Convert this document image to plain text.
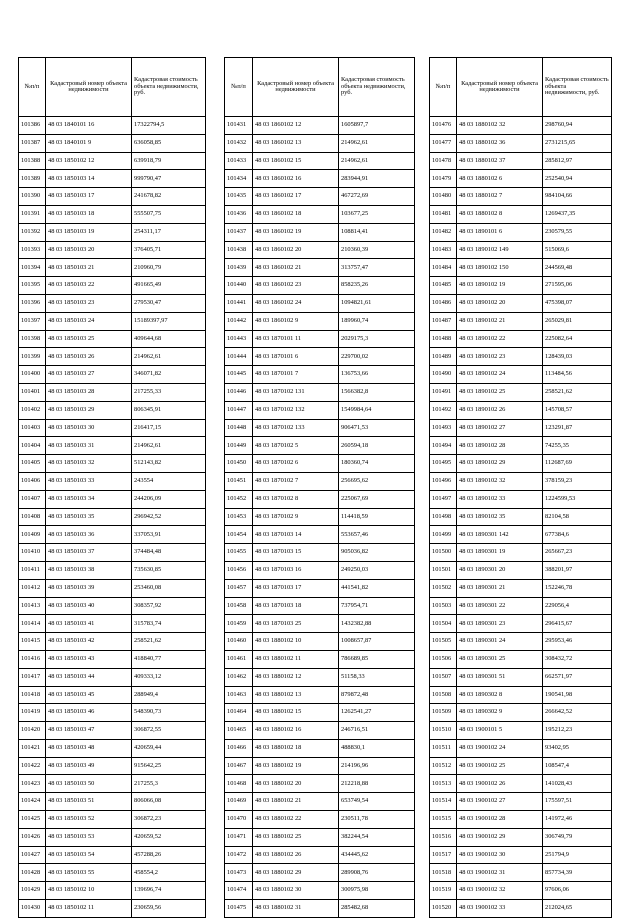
№п/п	Кадастровый номер объекта недвижимости	Кадастровая стоимость объекта недвижимости, руб.
101386	48 03 1840101 16	17322794,5
101387	48 03 1840101 9	636058,85
101388	48 03 1850102 12	639918,79
101389	48 03 1850103 14	999790,47
101390	48 03 1850103 17	241678,82
101391	48 03 1850103 18	555507,75
101392	48 03 1850103 19	254311,17
101393	48 03 1850103 20	376405,71
101394	48 03 1850103 21	210960,79
101395	48 03 1850103 22	491665,49
101396	48 03 1850103 23	279530,47
101397	48 03 1850103 24	15189397,97
101398	48 03 1850103 25	409644,68
101399	48 03 1850103 26	214962,61
101400	48 03 1850103 27	346071,82
101401	48 03 1850103 28	217255,33
101402	48 03 1850103 29	806345,91
101403	48 03 1850103 30	216417,15
101404	48 03 1850103 31	214962,61
101405	48 03 1850103 32	512143,82
101406	48 03 1850103 33	243554
101407	48 03 1850103 34	244206,09
101408	48 03 1850103 35	296942,52
101409	48 03 1850103 36	337053,91
101410	48 03 1850103 37	374484,48
101411	48 03 1850103 38	735630,85
101412	48 03 1850103 39	253460,08
101413	48 03 1850103 40	308357,92
101414	48 03 1850103 41	315783,74
101415	48 03 1850103 42	258521,62
101416	48 03 1850103 43	418840,77
101417	48 03 1850103 44	409333,12
101418	48 03 1850103 45	288949,4
101419	48 03 1850103 46	548390,73
101420	48 03 1850103 47	306872,55
101421	48 03 1850103 48	420659,44
101422	48 03 1850103 49	915642,25
101423	48 03 1850103 50	217255,3
101424	48 03 1850103 51	806066,08
101425	48 03 1850103 52	306872,23
101426	48 03 1850103 53	420659,52
101427	48 03 1850103 54	457288,26
101428	48 03 1850103 55	458554,2
101429	48 03 1850102 10	139696,74
101430	48 03 1850102 11	230659,56
№п/п	Кадастровый номер объекта недвижимости	Кадастровая стоимость объекта недвижимости, руб.
101431	48 03 1860102 12	1605897,7
101432	48 03 1860102 13	214962,61
101433	48 03 1860102 15	214962,61
101434	48 03 1860102 16	283944,91
101435	48 03 1860102 17	467272,69
101436	48 03 1860102 18	103677,25
101437	48 03 1860102 19	108814,41
101438	48 03 1860102 20	210360,39
101439	48 03 1860102 21	313757,47
101440	48 03 1860102 23	858235,26
101441	48 03 1860102 24	1094821,61
101442	48 03 1860102 9	189960,74
101443	48 03 1870101 11	2029175,3
101444	48 03 1870101 6	229700,02
101445	48 03 1870101 7	136753,66
101446	48 03 1870102 131	1566382,8
101447	48 03 1870102 132	1549984,64
101448	48 03 1870102 133	906471,53
101449	48 03 1870102 5	260594,18
101450	48 03 1870102 6	180360,74
101451	48 03 1870102 7	256695,62
101452	48 03 1870102 8	225067,69
101453	48 03 1870102 9	114418,59
101454	48 03 1870103 14	553657,46
101455	48 03 1870103 15	905036,82
101456	48 03 1870103 16	249250,03
101457	48 03 1870103 17	441541,82
101458	48 03 1870103 18	737954,71
101459	48 03 1870103 25	1432382,88
101460	48 03 1880102 10	1008657,87
101461	48 03 1880102 11	786689,85
101462	48 03 1880102 12	51158,33
101463	48 03 1880102 13	879872,48
101464	48 03 1880102 15	1262541,27
101465	48 03 1880102 16	246716,51
101466	48 03 1880102 18	488830,1
101467	48 03 1880102 19	214196,96
101468	48 03 1880102 20	212218,88
101469	48 03 1880102 21	653749,54
101470	48 03 1880102 22	230511,78
101471	48 03 1880102 25	382244,54
101472	48 03 1880102 26	434445,62
101473	48 03 1880102 29	289908,76
101474	48 03 1880102 30	300975,98
101475	48 03 1880102 31	285482,68
№п/п	Кадастровый номер объекта недвижимости	Кадастровая стоимость объекта недвижимости, руб.
101476	48 03 1880102 32	298760,94
101477	48 03 1880102 36	2731215,65
101478	48 03 1880102 37	285812,97
101479	48 03 1880102 6	252540,94
101480	48 03 1880102 7	984104,66
101481	48 03 1880102 8	1269437,35
101482	48 03 1890101 6	230579,55
101483	48 03 1890102 149	515069,6
101484	48 03 1890102 150	244569,48
101485	48 03 1890102 19	271595,06
101486	48 03 1890102 20	475398,07
101487	48 03 1890102 21	265029,81
101488	48 03 1890102 22	225082,64
101489	48 03 1890102 23	128439,03
101490	48 03 1890102 24	113484,56
101491	48 03 1890102 25	258521,62
101492	48 03 1890102 26	145708,57
101493	48 03 1890102 27	123291,87
101494	48 03 1890102 28	74255,35
101495	48 03 1890102 29	112687,69
101496	48 03 1890102 32	378159,23
101497	48 03 1890102 33	1224599,53
101498	48 03 1890102 35	82104,58
101499	48 03 1890301 142	677384,6
101500	48 03 1890301 19	265667,23
101501	48 03 1890301 20	388201,97
101502	48 03 1890301 21	152246,78
101503	48 03 1890301 22	229056,4
101504	48 03 1890301 23	296415,67
101505	48 03 1890301 24	295953,46
101506	48 03 1890301 25	308432,72
101507	48 03 1890301 51	662571,97
101508	48 03 1890302 8	190541,98
101509	48 03 1890302 9	266642,52
101510	48 03 1900101 5	195212,23
101511	48 03 1900102 24	93402,95
101512	48 03 1900102 25	108547,4
101513	48 03 1900102 26	141028,43
101514	48 03 1900102 27	175597,51
101515	48 03 1900102 28	141972,46
101516	48 03 1900102 29	306749,79
101517	48 03 1900102 30	251794,9
101518	48 03 1900102 31	857734,39
101519	48 03 1900102 32	97606,06
101520	48 03 1900102 33	212024,65
